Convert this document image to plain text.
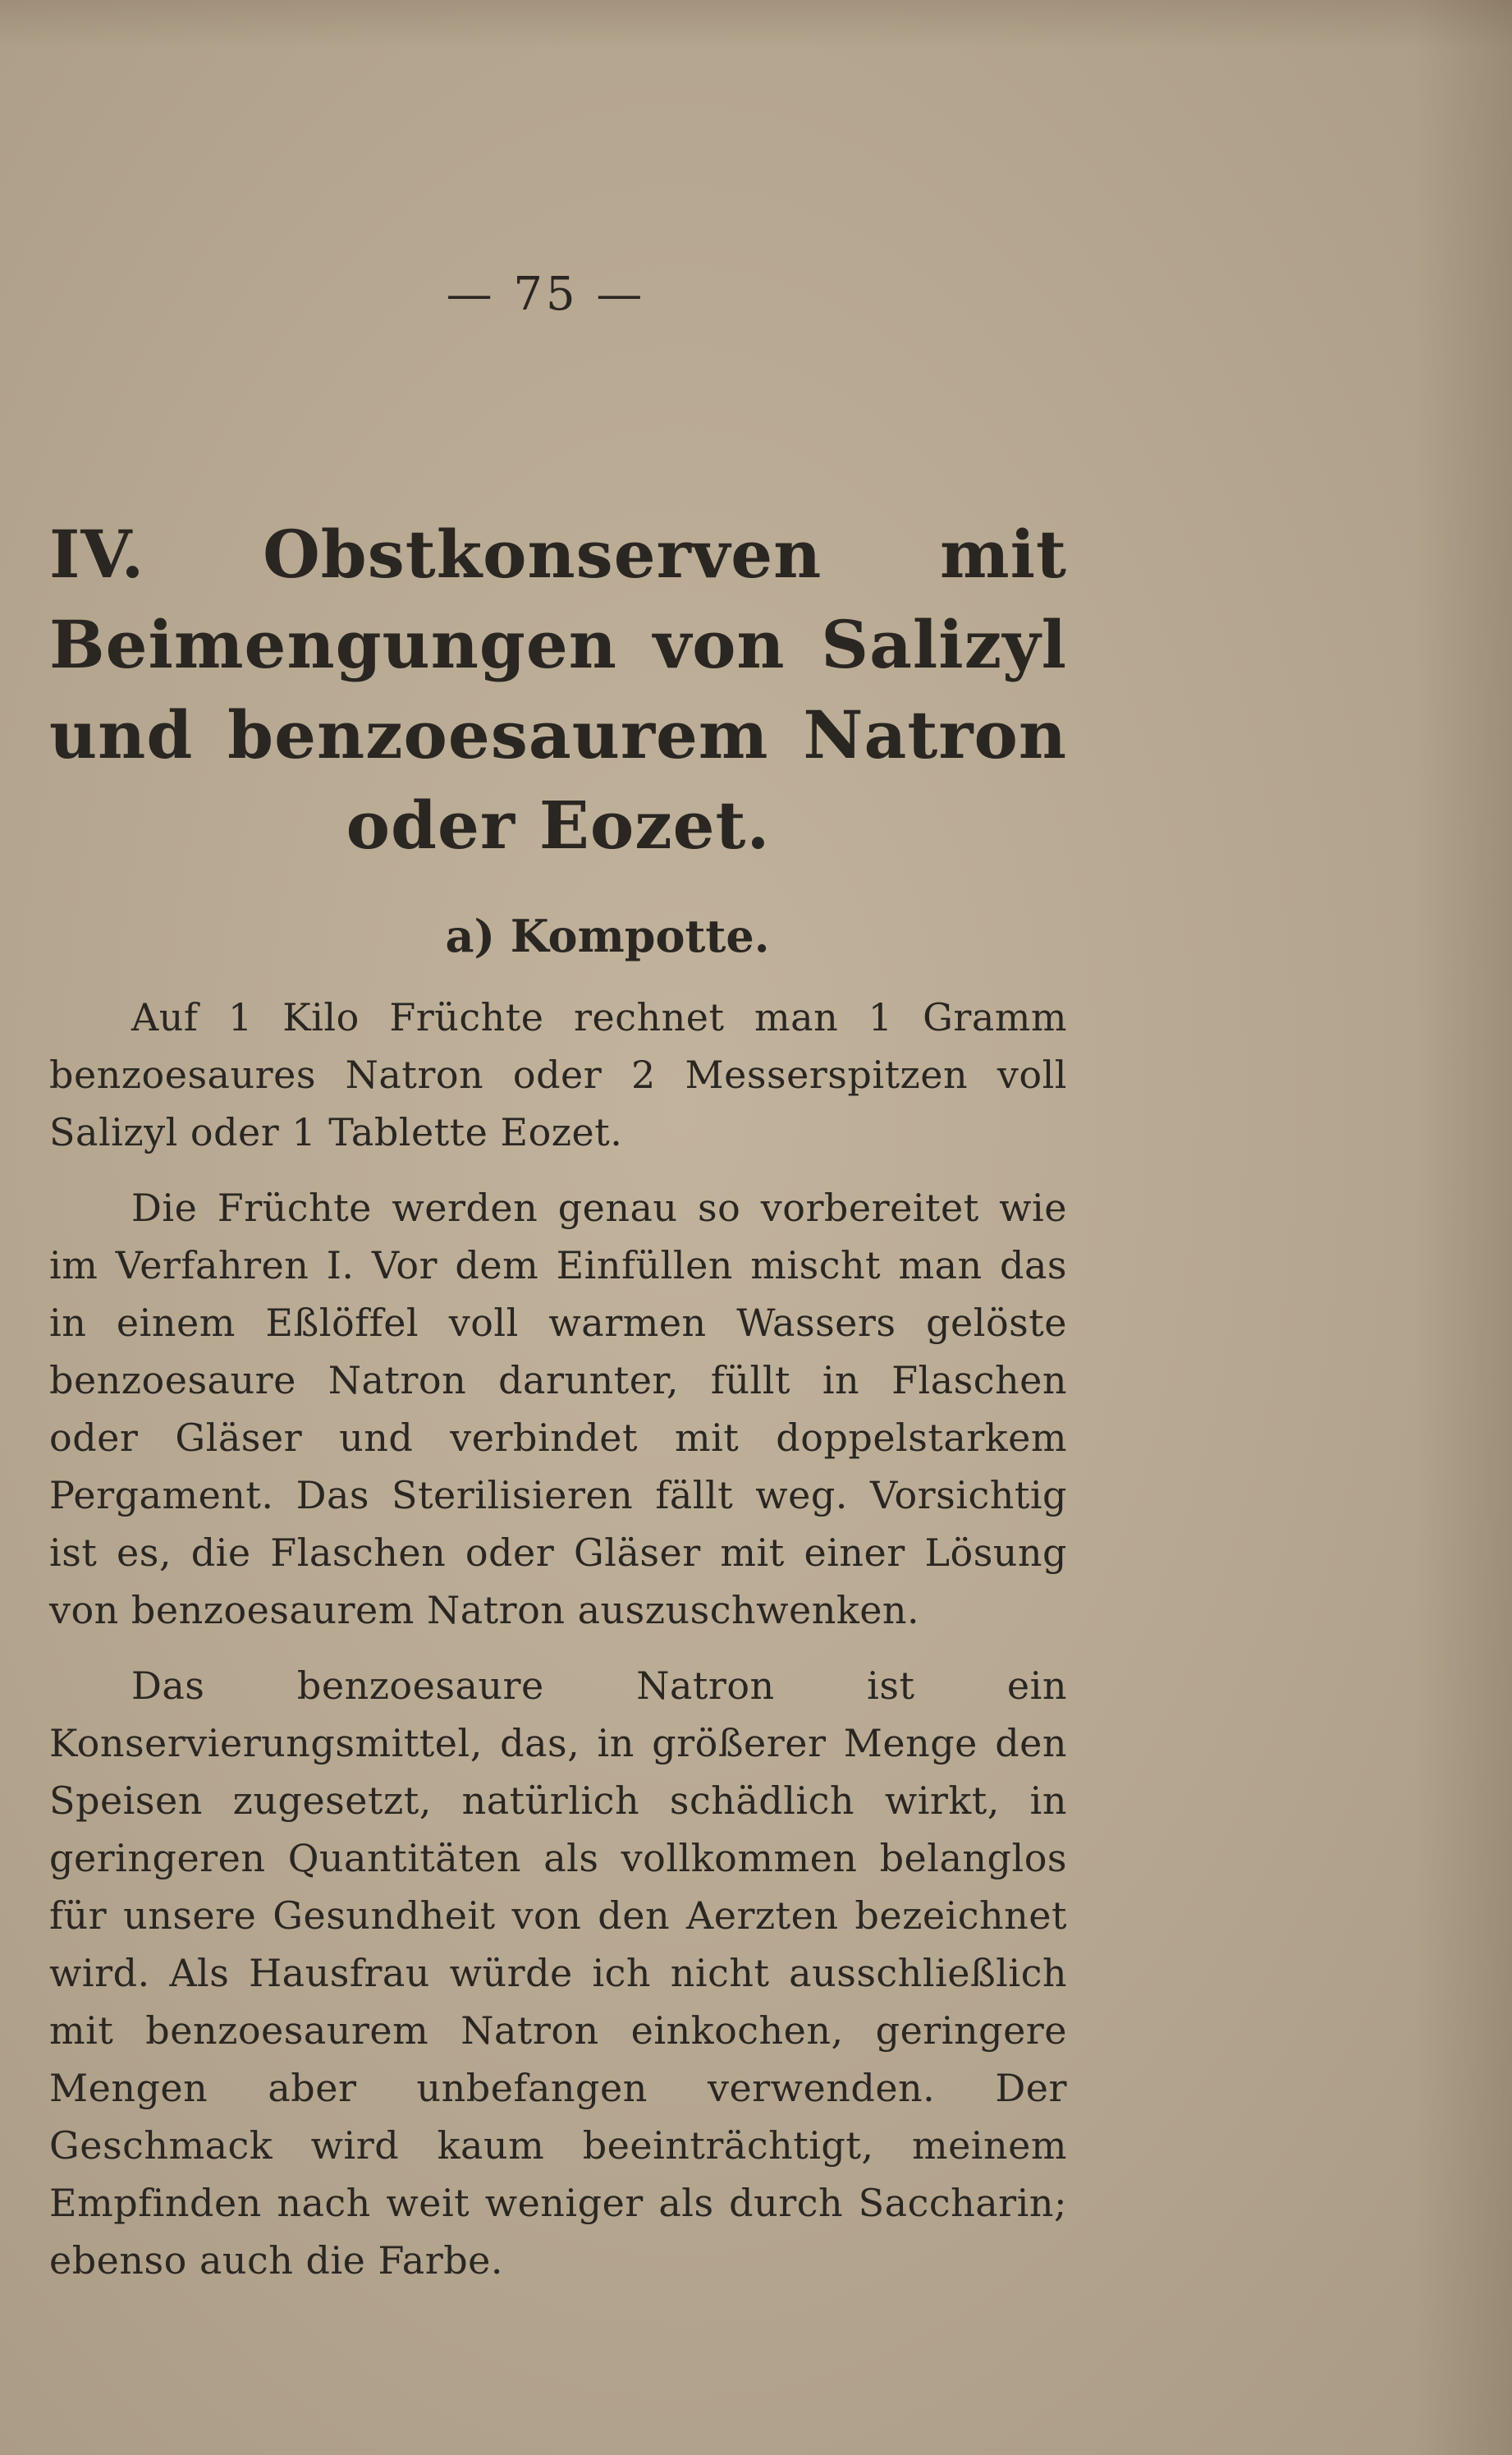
— 75 —
IV. Obstkonserven mit Beimengungen von Salizyl und benzoesaurem Natron oder Eozet.
a) Kompotte.

Auf 1 Kilo Früchte rechnet man 1 Gramm benzoesaures Natron oder 2 Messerspitzen voll Salizyl oder 1 Tablette Eozet.

Die Früchte werden genau so vorbereitet wie im Verfahren I. Vor dem Einfüllen mischt man das in einem Eßlöffel voll warmen Wassers gelöste benzoesaure Natron darunter, füllt in Flaschen oder Gläser und verbindet mit doppelstarkem Pergament. Das Sterilisieren fällt weg. Vorsichtig ist es, die Flaschen oder Gläser mit einer Lösung von benzoesaurem Natron auszuschwenken.

Das benzoesaure Natron ist ein Konservierungsmittel, das, in größerer Menge den Speisen zugesetzt, natürlich schädlich wirkt, in geringeren Quantitäten als vollkommen belanglos für unsere Gesundheit von den Aerzten bezeichnet wird. Als Hausfrau würde ich nicht ausschließlich mit benzoesaurem Natron einkochen, geringere Mengen aber unbefangen verwenden. Der Geschmack wird kaum beeinträchtigt, meinem Empfinden nach weit weniger als durch Saccharin; ebenso auch die Farbe.
